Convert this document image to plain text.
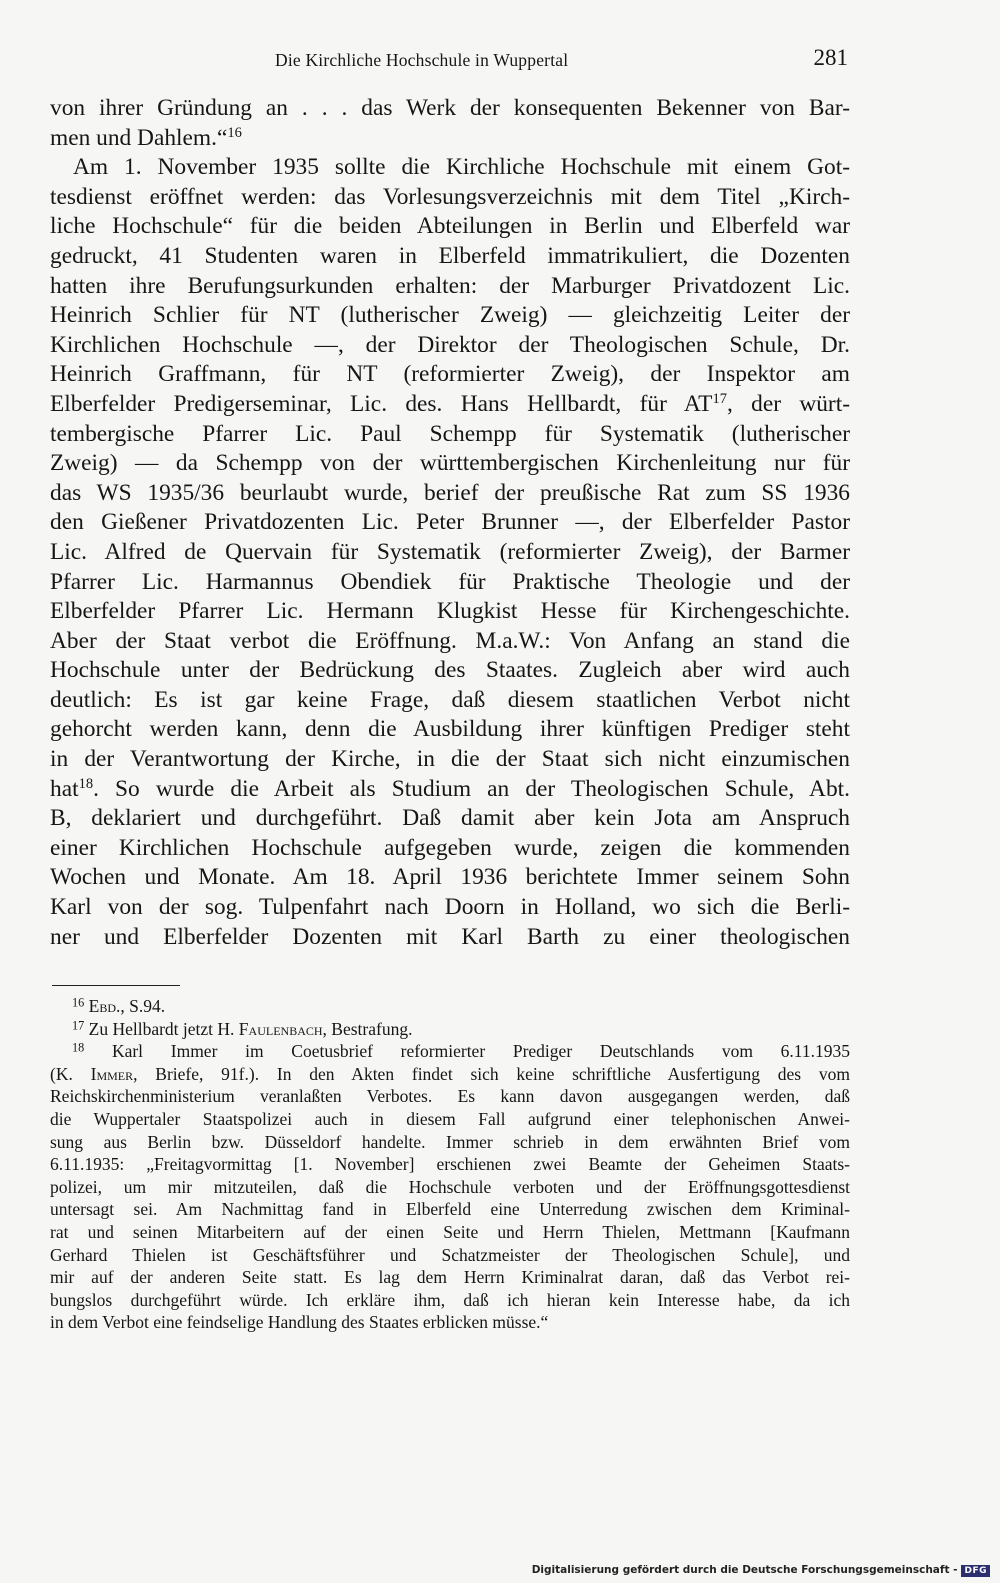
Die Kirchliche Hochschule in Wuppertal	281
von ihrer Gründung an . . . das Werk der konsequenten Bekenner von Bar-
men und Dahlem.“$^{16}$
Am 1. November 1935 sollte die Kirchliche Hochschule mit einem Got-
tesdienst eröffnet werden: das Vorlesungsverzeichnis mit dem Titel „Kirch-
liche Hochschule“ für die beiden Abteilungen in Berlin und Elberfeld war
gedruckt, 41 Studenten waren in Elberfeld immatrikuliert, die Dozenten
hatten ihre Berufungsurkunden erhalten: der Marburger Privatdozent Lic.
Heinrich Schlier für NT (lutherischer Zweig) — gleichzeitig Leiter der
Kirchlichen Hochschule —, der Direktor der Theologischen Schule, Dr.
Heinrich Graffmann, für NT (reformierter Zweig), der Inspektor am
Elberfelder Predigerseminar, Lic. des. Hans Hellbardt, für AT$^{17}$, der würt-
tembergische Pfarrer Lic. Paul Schempp für Systematik (lutherischer
Zweig) — da Schempp von der württembergischen Kirchenleitung nur für
das WS 1935/36 beurlaubt wurde, berief der preußische Rat zum SS 1936
den Gießener Privatdozenten Lic. Peter Brunner —, der Elberfelder Pastor
Lic. Alfred de Quervain für Systematik (reformierter Zweig), der Barmer
Pfarrer Lic. Harmannus Obendiek für Praktische Theologie und der
Elberfelder Pfarrer Lic. Hermann Klugkist Hesse für Kirchengeschichte.
Aber der Staat verbot die Eröffnung. M.a.W.: Von Anfang an stand die
Hochschule unter der Bedrückung des Staates. Zugleich aber wird auch
deutlich: Es ist gar keine Frage, daß diesem staatlichen Verbot nicht
gehorcht werden kann, denn die Ausbildung ihrer künftigen Prediger steht
in der Verantwortung der Kirche, in die der Staat sich nicht einzumischen
hat$^{18}$. So wurde die Arbeit als Studium an der Theologischen Schule, Abt.
B, deklariert und durchgeführt. Daß damit aber kein Jota am Anspruch
einer Kirchlichen Hochschule aufgegeben wurde, zeigen die kommenden
Wochen und Monate. Am 18. April 1936 berichtete Immer seinem Sohn
Karl von der sog. Tulpenfahrt nach Doorn in Holland, wo sich die Berli-
ner und Elberfelder Dozenten mit Karl Barth zu einer theologischen
$^{16}$ Ebd., S.94.
$^{17}$ Zu Hellbardt jetzt H. Faulenbach, Bestrafung.
$^{18}$ Karl Immer im Coetusbrief reformierter Prediger Deutschlands vom 6.11.1935
(K. Immer, Briefe, 91f.). In den Akten findet sich keine schriftliche Ausfertigung des vom
Reichskirchenministerium veranlaßten Verbotes. Es kann davon ausgegangen werden, daß
die Wuppertaler Staatspolizei auch in diesem Fall aufgrund einer telephonischen Anwei-
sung aus Berlin bzw. Düsseldorf handelte. Immer schrieb in dem erwähnten Brief vom
6.11.1935: „Freitagvormittag [1. November] erschienen zwei Beamte der Geheimen Staats-
polizei, um mir mitzuteilen, daß die Hochschule verboten und der Eröffnungsgottesdienst
untersagt sei. Am Nachmittag fand in Elberfeld eine Unterredung zwischen dem Kriminal-
rat und seinen Mitarbeitern auf der einen Seite und Herrn Thielen, Mettmann [Kaufmann
Gerhard Thielen ist Geschäftsführer und Schatzmeister der Theologischen Schule], und
mir auf der anderen Seite statt. Es lag dem Herrn Kriminalrat daran, daß das Verbot rei-
bungslos durchgeführt würde. Ich erkläre ihm, daß ich hieran kein Interesse habe, da ich
in dem Verbot eine feindselige Handlung des Staates erblicken müsse.“
Digitalisierung gefördert durch die Deutsche Forschungsgemeinschaft - DFG
